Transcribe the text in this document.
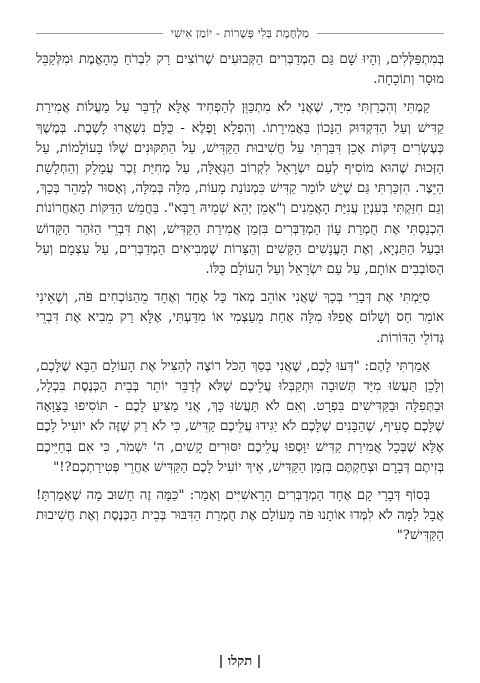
מַלְחֶמֶת בְּלִי פְּשָׁרוֹת - יוֹמַן אִישִׁי

בְּמִתְפַּלְּלִים, וְהָיוּ שָׁם גַּם הַמְדַבְּרִים הַקְּבוּעִים שֶׁרוֹצִים רַק לִבְרֹחַ מֵהָאֱמֶת וּמִלְּקַבֵּל מוּסָר וְתוֹכָחָה.

קַמְתִּי וְהִכְרַזְתִּי מִיָּד, שֶׁאֲנִי לֹא מִתְכַּוֵּן לְהַפְחִיד אֶלָּא לְדַבֵּר עַל מַעֲלוֹת אֲמִירַת קַדִּישׁ וְעַל הַדִּקְדּוּק הַנָּכוֹן בַּאֲמִירָתוֹ. וְהִפְלָא וָפֶלֶא - כֻּלָּם נִשְׁאֲרוּ לָשֶׁבֶת. בְּמֶשֶׁךְ כְּעֶשְׂרִים דַּקּוֹת אָכֵן דִּבַּרְתִּי עַל חֲשִׁיבוּת הַקַּדִּישׁ, עַל הַתִּקּוּנִים שֶׁלּוֹ בָּעוֹלָמוֹת, עַל הַזְּכוּת שֶׁהוּא מוֹסִיף לְעַם יִשְׂרָאֵל לִקְרוֹב הַגְּאֻלָּה, עַל מְחִיַּת זֶכֶר עֲמָלֵק וְהַחְלָשַׁת הַיֵּצֶר. הִזְכַּרְתִּי גַּם שֶׁיֵּשׁ לוֹמַר קַדִּישׁ כִּמְנוֹנַת מָעוֹת, מִלָּה בְּמִלָּה, וְאָסוּר לְמַהֵר בְּכָךְ, וְגַם חִזַּקְתִּי בְּעִנְיַן עֲנִיַּת הָאֲמֵנִים וְ"אָמֵן יְהֵא שְׁמֵיהּ רַבָּא". בַּחֲמֵשׁ הַדַּקּוֹת הָאַחֲרוֹנוֹת הִכְנַסְתִּי אֶת חֻמְרַת עָוֹן הַמְדַבְּרִים בִּזְמַן אֲמִירַת הַקַּדִּישׁ, וְאֶת דִּבְרֵי הַזֹּהַר הַקָּדוֹשׁ וּבַעַל הַתַּנְיָא, וְאֶת הָעֳנָשִׁים הַקָּשִׁים וְהַצָּרוֹת שֶׁמְּבִיאִים הַמְדַבְּרִים, עַל עַצְמָם וְעַל הַסּוֹבְבִים אוֹתָם, עַל עַם יִשְׂרָאֵל וְעַל הָעוֹלָם כֻּלּוֹ.

סִיַּמְתִּי אֶת דְּבָרַי בְּכָךְ שֶׁאֲנִי אוֹהֵב מְאֹד כָּל אֶחָד וְאֶחָד מֵהַנּוֹכְחִים פֹּה, וְשֶׁאֵינִי אוֹמֵר חַס וְשָׁלוֹם אֲפִלּוּ מִלָּה אַחַת מֵעַצְמִי אוֹ מִדַּעְתִּי, אֶלָּא רַק מֵבִיא אֶת דִּבְרֵי גְּדוֹלֵי הַדּוֹרוֹת.

אָמַרְתִּי לָהֶם: "דְּעוּ לָכֶם, שֶׁאֲנִי בְּסַךְ הַכֹּל רוֹצֶה לְהַצִּיל אֶת הָעוֹלָם הַבָּא שֶׁלָּכֶם, וְלָכֵן תַּעֲשׂוּ מִיָּד תְּשׁוּבָה וּתְקַבְּלוּ עֲלֵיכֶם שֶׁלֹּא לְדַבֵּר יוֹתֵר בְּבֵית הַכְּנֶסֶת בִּכְלָל, וּבַתְּפִלָּה וּבַקַּדִּישִׁים בִּפְרָט. וְאִם לֹא תַּעֲשׂוּ כָּךְ, אֲנִי מַצִּיעַ לָכֶם - תּוֹסִיפוּ בַּצַּוָּאָה שֶׁלָּכֶם סָעִיף, שֶׁהַבָּנִים שֶׁלָּכֶם לֹא יַגִּידוּ עֲלֵיכֶם קַדִּישׁ, כִּי לֹא רַק שֶׁזֶּה לֹא יוֹעִיל לָכֶם אֶלָּא שֶׁבְּכָל אֲמִירַת קַדִּישׁ יִוָּסְפוּ עֲלֵיכֶם יִסּוּרִים קָשִׁים, ה' יִשְׁמֹר, כִּי אִם בְּחַיֵּיכֶם בְּזִיתֶם דְּבָרָם וּצְחַקְתֶּם בִּזְמַן הַקַּדִּישׁ, אֵיךְ יוֹעִיל לָכֶם הַקַּדִּישׁ אַחֲרֵי פְּטִירַתְכֶם?!"

בְּסוֹף דְּבָרַי קָם אֶחָד הַמְדַבְּרִים הָרָאשִׁיִּים וְאָמַר: "כַּמָּה זֶה חָשׁוּב מָה שֶׁאָמַרְתָּ! אֲבָל לָמָּה לֹא לִמְּדוּ אוֹתָנוּ פֹּה מֵעוֹלָם אֶת חֻמְרַת הַדִּבּוּר בְּבֵית הַכְּנֶסֶת וְאֶת חֲשִׁיבוּת הַקַּדִּישׁ?"

| תקלו |
